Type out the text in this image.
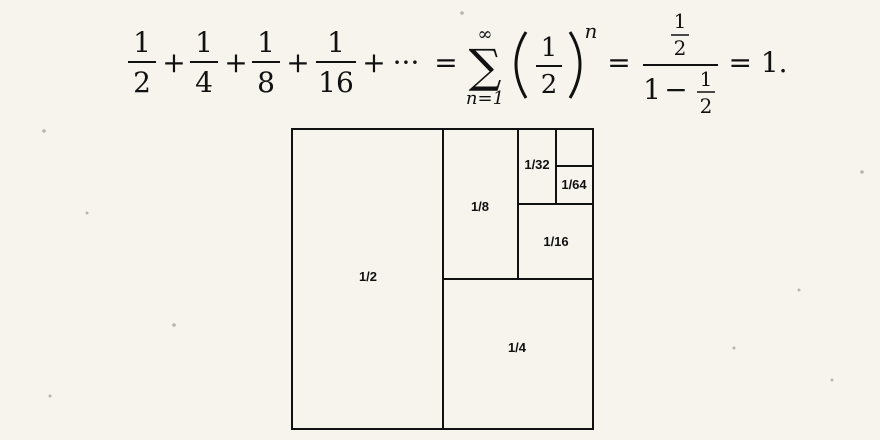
1
2
+
1
4
+
1
8
+
1
16
+ ··· =
∞
∑
n=1
1
2
n
=
1
2
1 − 1
2
= 1.
1/2
1/4
1/8
1/16
1/32
1/64
